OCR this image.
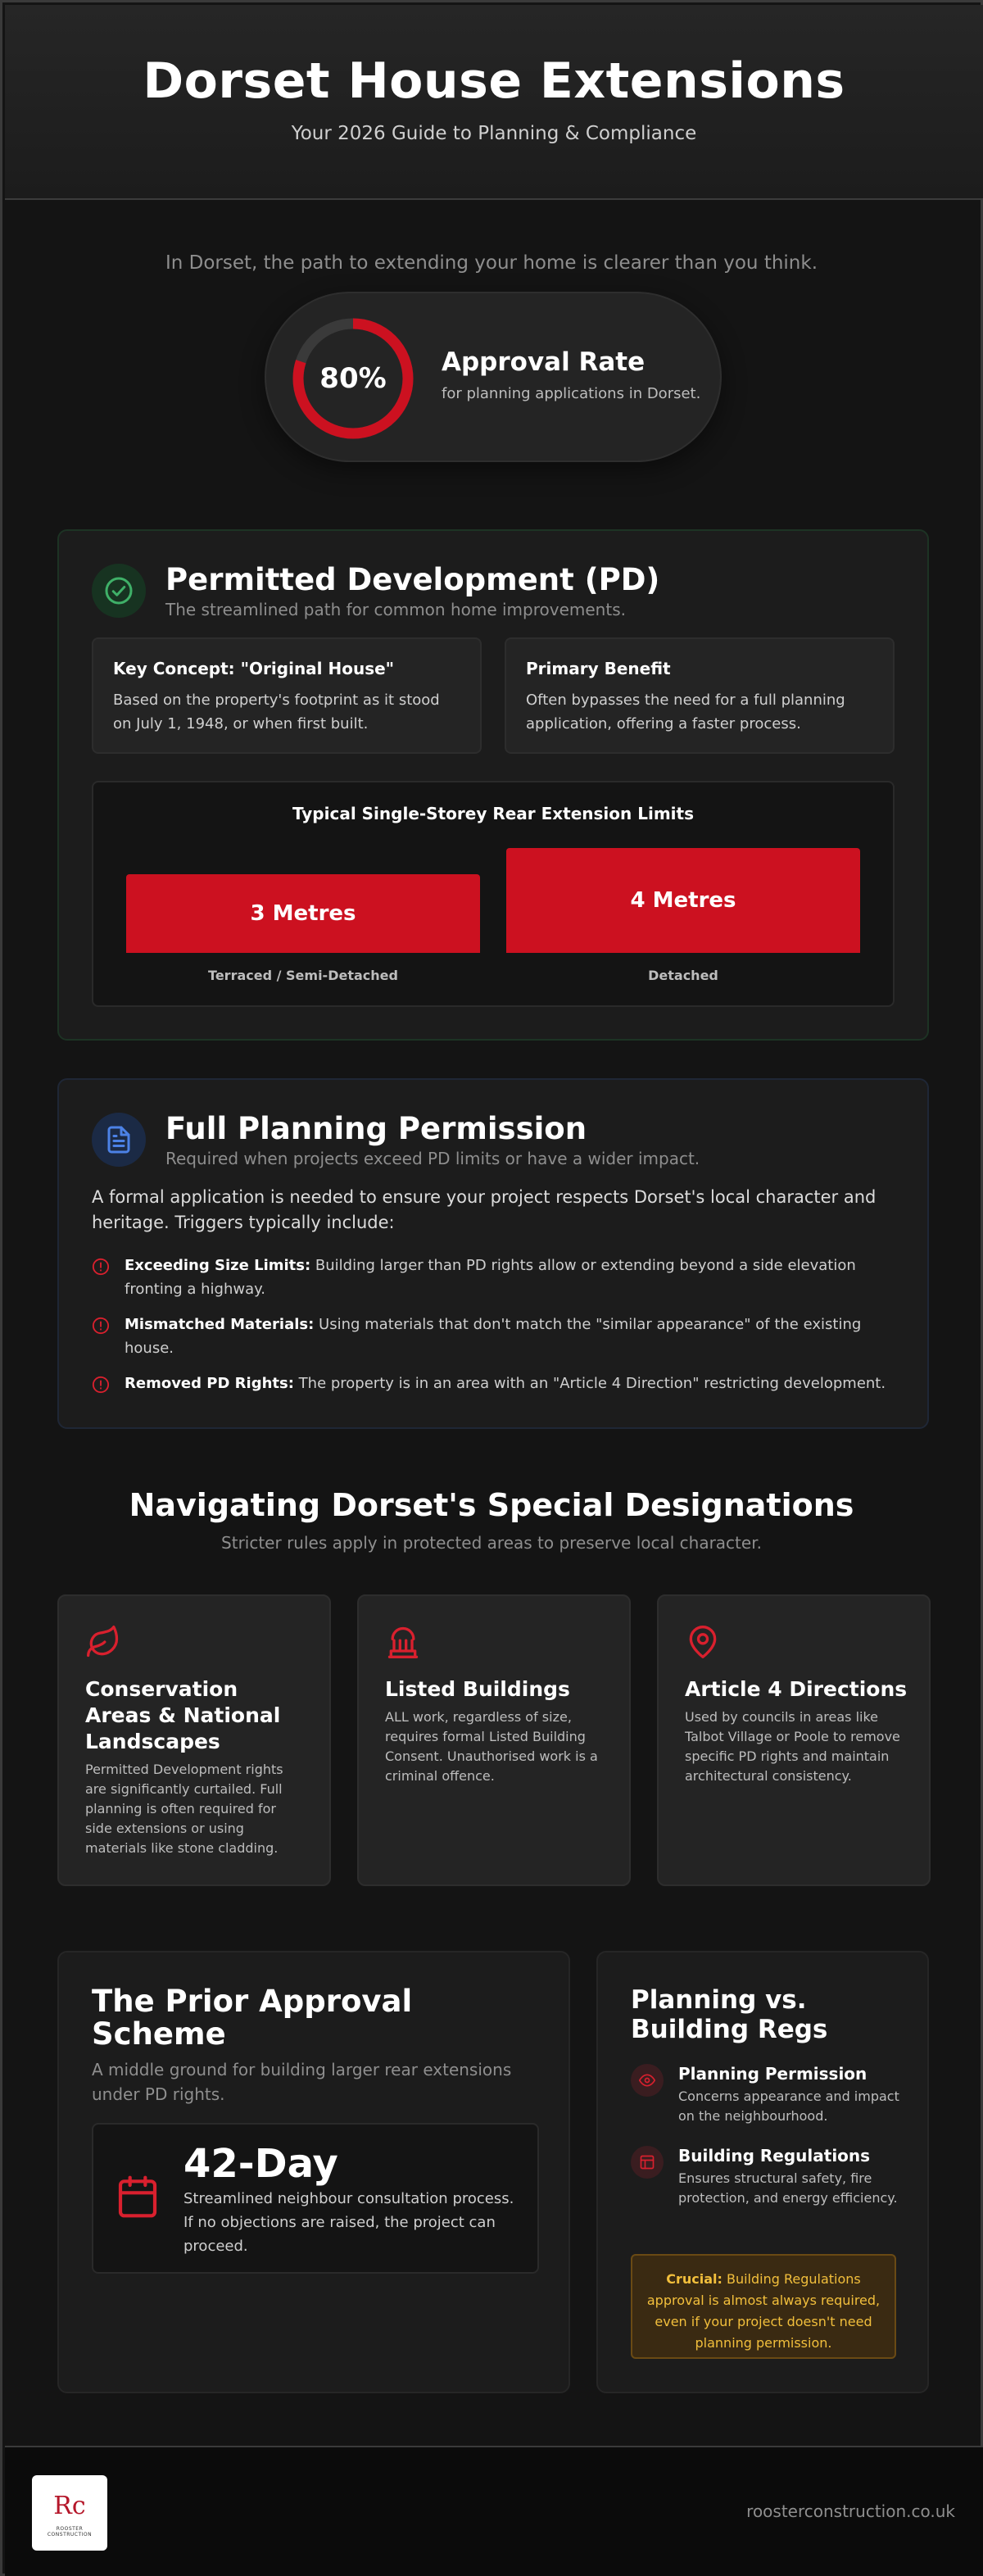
Dorset House Extensions
Your 2026 Guide to Planning & Compliance
In Dorset, the path to extending your home is clearer than you think.
80%	Approval Rate
for planning applications in Dorset.
Permitted Development (PD)
The streamlined path for common home improvements.
Key Concept: "Original House"
Based on the property's footprint as it stood on July 1, 1948, or when first built.
Primary Benefit
Often bypasses the need for a full planning application, offering a faster process.
Typical Single-Storey Rear Extension Limits
3 Metres
4 Metres
Terraced / Semi-Detached	Detached
Full Planning Permission
Required when projects exceed PD limits or have a wider impact.
A formal application is needed to ensure your project respects Dorset's local character and heritage. Triggers typically include:
Exceeding Size Limits: Building larger than PD rights allow or extending beyond a side elevation fronting a highway.
Mismatched Materials: Using materials that don't match the "similar appearance" of the existing house.
Removed PD Rights: The property is in an area with an "Article 4 Direction" restricting development.
Navigating Dorset's Special Designations
Stricter rules apply in protected areas to preserve local character.
Conservation Areas & National Landscapes
Permitted Development rights are significantly curtailed. Full planning is often required for side extensions or using materials like stone cladding.
Listed Buildings
ALL work, regardless of size, requires formal Listed Building Consent. Unauthorised work is a criminal offence.
Article 4 Directions
Used by councils in areas like Talbot Village or Poole to remove specific PD rights and maintain architectural consistency.
The Prior Approval Scheme
A middle ground for building larger rear extensions under PD rights.
42-Day
Streamlined neighbour consultation process. If no objections are raised, the project can proceed.
Planning vs. Building Regs
Planning Permission
Concerns appearance and impact on the neighbourhood.
Building Regulations
Ensures structural safety, fire protection, and energy efficiency.
Crucial: Building Regulations approval is almost always required, even if your project doesn't need planning permission.
Rc
ROOSTER CONSTRUCTION
roosterconstruction.co.uk
